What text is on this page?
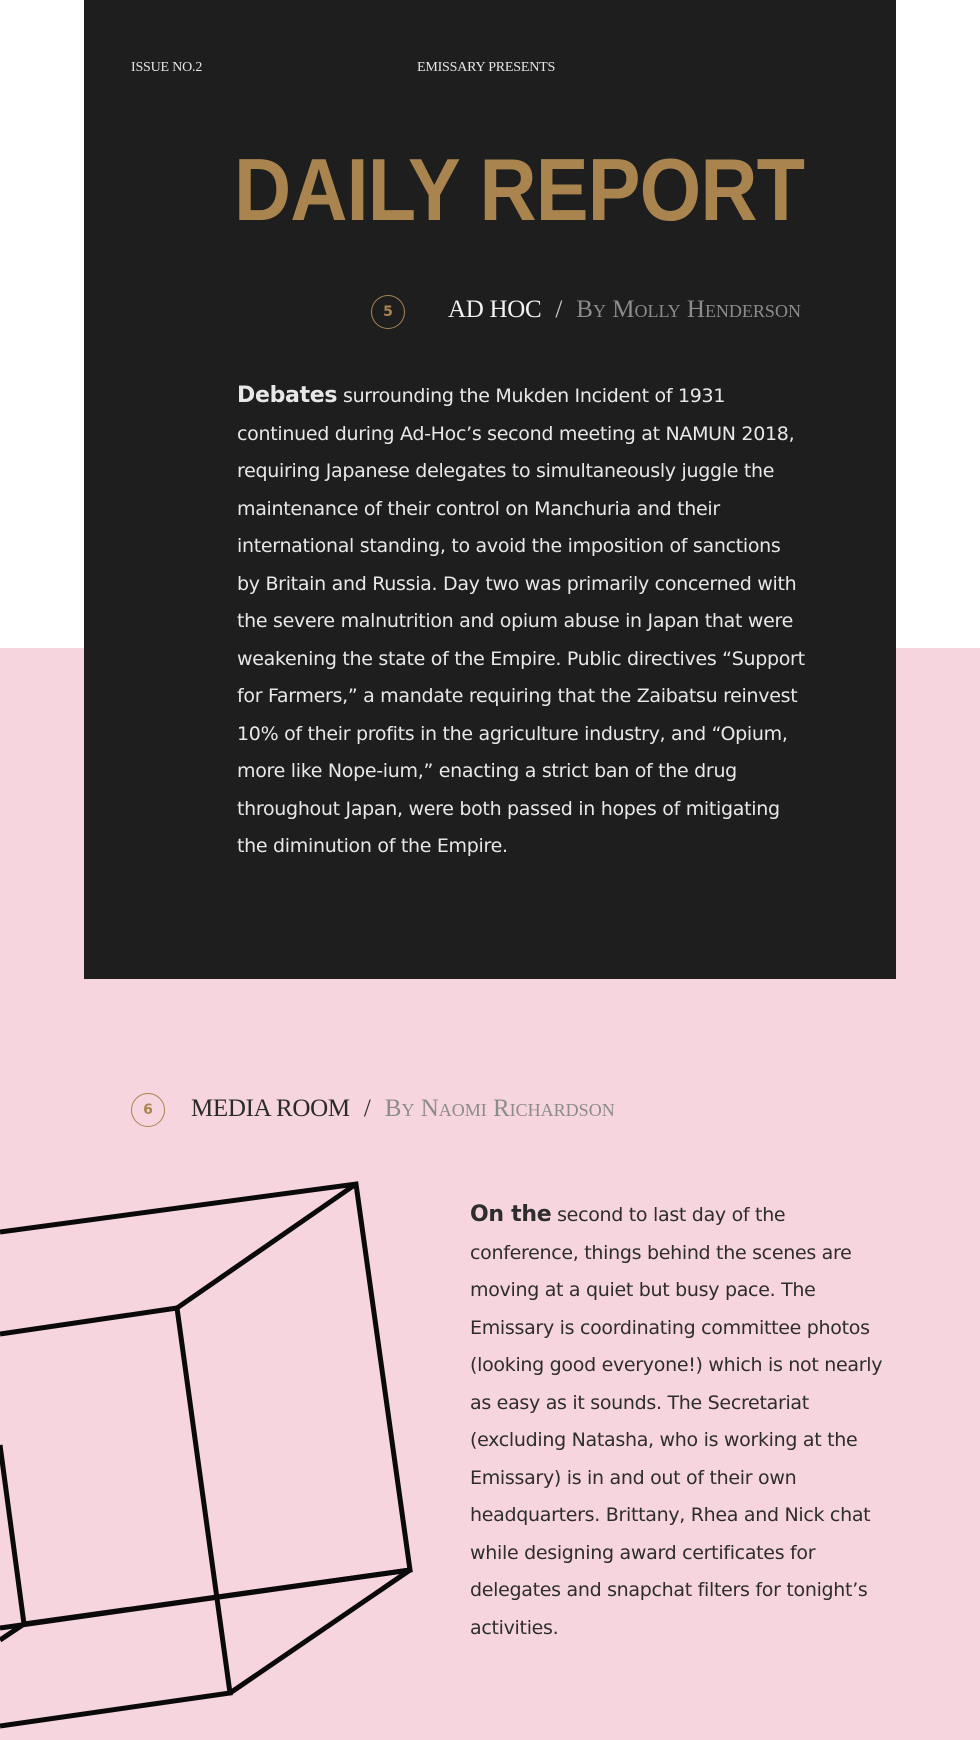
ISSUE NO.2	EMISSARY PRESENTS
DAILY REPORT
5	AD HOC / By Molly Henderson
Debates surrounding the Mukden Incident of 1931 continued during Ad-Hoc’s second meeting at NAMUN 2018, requiring Japanese delegates to simultaneously juggle the maintenance of their control on Manchuria and their international standing, to avoid the imposition of sanctions by Britain and Russia. Day two was primarily concerned with the severe malnutrition and opium abuse in Japan that were weakening the state of the Empire. Public directives “Support for Farmers,” a mandate requiring that the Zaibatsu reinvest 10% of their profits in the agriculture industry, and “Opium, more like Nope-ium,” enacting a strict ban of the drug throughout Japan, were both passed in hopes of mitigating the diminution of the Empire.
6	MEDIA ROOM / By Naomi Richardson
On the second to last day of the conference, things behind the scenes are moving at a quiet but busy pace. The Emissary is coordinating committee photos (looking good everyone!) which is not nearly as easy as it sounds. The Secretariat (excluding Natasha, who is working at the Emissary) is in and out of their own headquarters. Brittany, Rhea and Nick chat while designing award certificates for delegates and snapchat filters for tonight’s activities.
